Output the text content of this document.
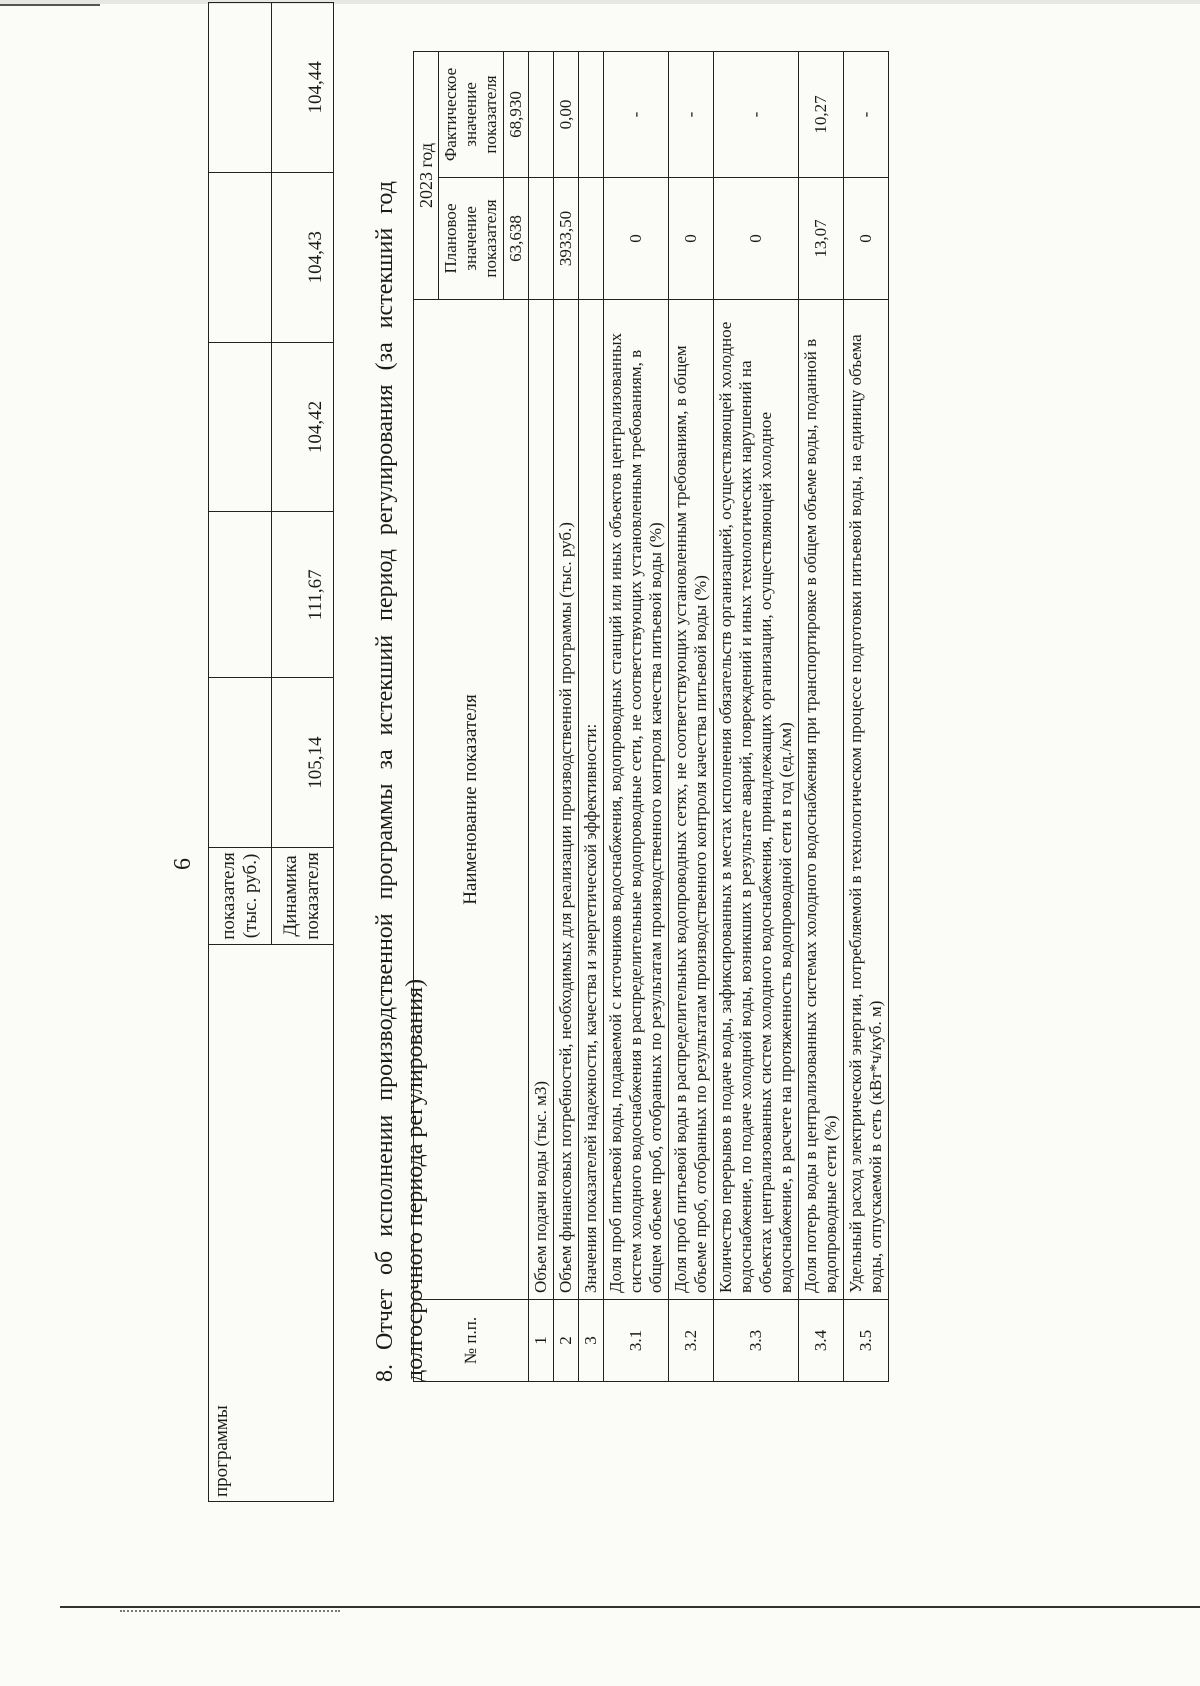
6
программы	показателя (тыс. руб.)					
	Динамика показателя	105,14	111,67	104,42	104,43	104,44
8. Отчет об исполнении производственной программы за истекший период регулирования (за истекший год долгосрочного периода регулирования) № п.п.	Наименование показателя	2023 год	
		Плановое значение показателя	Фактическое значение показателя
		63,638	68,930
1	Объем подачи воды (тыс. м3)		
2	Объем финансовых потребностей, необходимых для реализации производственной программы (тыс. руб.)	3933,50	0,00
3	Значения показателей надежности, качества и энергетической эффективности:		
3.1	Доля проб питьевой воды, подаваемой с источников водоснабжения, водопроводных станций или иных объектов централизованных систем холодного водоснабжения в распределительные водопроводные сети, не соответствующих установленным требованиям, в общем объеме проб, отобранных по результатам производственного контроля качества питьевой воды (%)	0	-
3.2	Доля проб питьевой воды в распределительных водопроводных сетях, не соответствующих установленным требованиям, в общем объеме проб, отобранных по результатам производственного контроля качества питьевой воды (%)	0	-
3.3	Количество перерывов в подаче воды, зафиксированных в местах исполнения обязательств организацией, осуществляющей холодное водоснабжение, по подаче холодной воды, возникших в результате аварий, повреждений и иных технологических нарушений на объектах централизованных систем холодного водоснабжения, принадлежащих организации, осуществляющей холодное водоснабжение, в расчете на протяженность водопроводной сети в год (ед./км)	0	-
3.4	Доля потерь воды в централизованных системах холодного водоснабжения при транспортировке в общем объеме воды, поданной в водопроводные сети (%)	13,07	10,27
3.5	Удельный расход электрической энергии, потребляемой в технологическом процессе подготовки питьевой воды, на единицу объема воды, отпускаемой в сеть (кВт*ч/куб. м)	0	-
